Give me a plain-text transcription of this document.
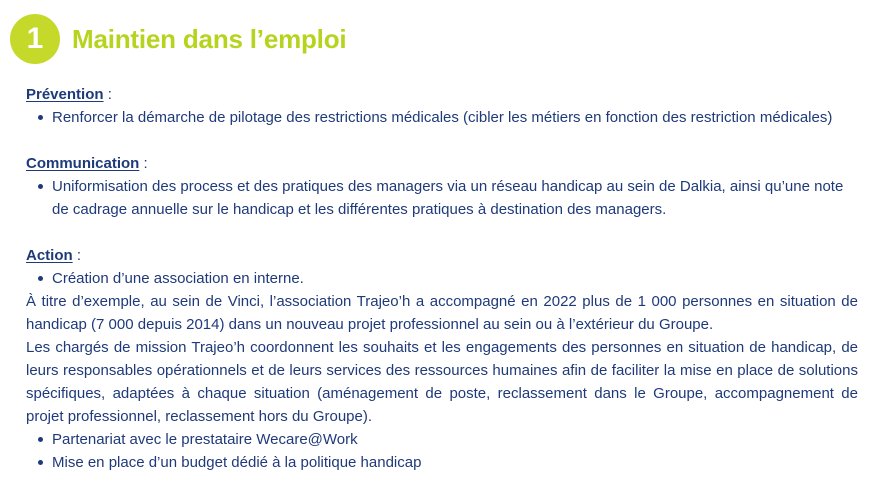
1	Maintien dans l’emploi
Prévention :
Renforcer la démarche de pilotage des restrictions médicales (cibler les métiers en fonction des restriction médicales)
Communication :
Uniformisation des process et des pratiques des managers via un réseau handicap au sein de Dalkia, ainsi qu’une note de cadrage annuelle sur le handicap et les différentes pratiques à destination des managers.
Action :
Création d’une association en interne.

À titre d’exemple, au sein de Vinci, l’association Trajeo’h a accompagné en 2022 plus de 1 000 personnes en situation de handicap (7 000 depuis 2014) dans un nouveau projet professionnel au sein ou à l’extérieur du Groupe.

Les chargés de mission Trajeo’h coordonnent les souhaits et les engagements des personnes en situation de handicap, de leurs responsables opérationnels et de leurs services des ressources humaines afin de faciliter la mise en place de solutions spécifiques, adaptées à chaque situation (aménagement de poste, reclassement dans le Groupe, accompagnement de projet professionnel, reclassement hors du Groupe).

Partenariat avec le prestataire Wecare@Work
Mise en place d’un budget dédié à la politique handicap
